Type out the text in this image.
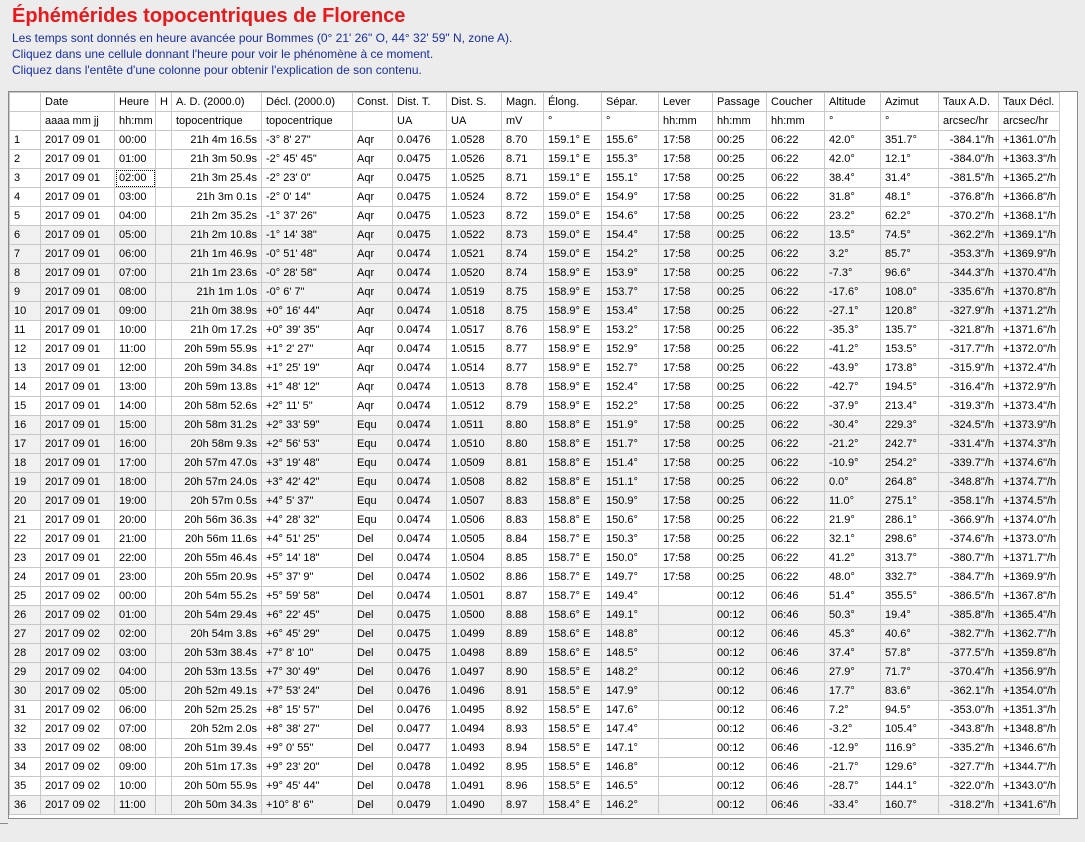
Éphémérides topocentriques de Florence
Les temps sont donnés en heure avancée pour Bommes (0° 21' 26" O, 44° 32' 59" N, zone A).
Cliquez dans une cellule donnant l'heure pour voir le phénomène à ce moment.
Cliquez dans l'entête d'une colonne pour obtenir l'explication de son contenu.
	Date	Heure	H	A. D. (2000.0)	Décl. (2000.0)	Const.	Dist. T.	Dist. S.	Magn.	Élong.	Sépar.	Lever	Passage	Coucher	Altitude	Azimut	Taux A.D.	Taux Décl.
	aaaa mm jj	hh:mm		topocentrique	topocentrique		UA	UA	mV	°	°	hh:mm	hh:mm	hh:mm	°	°	arcsec/hr	arcsec/hr
1	2017 09 01	00:00		21h 4m 16.5s	-3° 8' 27"	Aqr	0.0476	1.0528	8.70	159.1° E	155.6°	17:58	00:25	06:22	42.0°	351.7°	-384.1"/h	+1361.0"/h
2	2017 09 01	01:00		21h 3m 50.9s	-2° 45' 45"	Aqr	0.0475	1.0526	8.71	159.1° E	155.3°	17:58	00:25	06:22	42.0°	12.1°	-384.0"/h	+1363.3"/h
3	2017 09 01	02:00		21h 3m 25.4s	-2° 23' 0"	Aqr	0.0475	1.0525	8.71	159.1° E	155.1°	17:58	00:25	06:22	38.4°	31.4°	-381.5"/h	+1365.2"/h
4	2017 09 01	03:00		21h 3m 0.1s	-2° 0' 14"	Aqr	0.0475	1.0524	8.72	159.0° E	154.9°	17:58	00:25	06:22	31.8°	48.1°	-376.8"/h	+1366.8"/h
5	2017 09 01	04:00		21h 2m 35.2s	-1° 37' 26"	Aqr	0.0475	1.0523	8.72	159.0° E	154.6°	17:58	00:25	06:22	23.2°	62.2°	-370.2"/h	+1368.1"/h
6	2017 09 01	05:00		21h 2m 10.8s	-1° 14' 38"	Aqr	0.0475	1.0522	8.73	159.0° E	154.4°	17:58	00:25	06:22	13.5°	74.5°	-362.2"/h	+1369.1"/h
7	2017 09 01	06:00		21h 1m 46.9s	-0° 51' 48"	Aqr	0.0474	1.0521	8.74	159.0° E	154.2°	17:58	00:25	06:22	3.2°	85.7°	-353.3"/h	+1369.9"/h
8	2017 09 01	07:00		21h 1m 23.6s	-0° 28' 58"	Aqr	0.0474	1.0520	8.74	158.9° E	153.9°	17:58	00:25	06:22	-7.3°	96.6°	-344.3"/h	+1370.4"/h
9	2017 09 01	08:00		21h 1m 1.0s	-0° 6' 7"	Aqr	0.0474	1.0519	8.75	158.9° E	153.7°	17:58	00:25	06:22	-17.6°	108.0°	-335.6"/h	+1370.8"/h
10	2017 09 01	09:00		21h 0m 38.9s	+0° 16' 44"	Aqr	0.0474	1.0518	8.75	158.9° E	153.4°	17:58	00:25	06:22	-27.1°	120.8°	-327.9"/h	+1371.2"/h
11	2017 09 01	10:00		21h 0m 17.2s	+0° 39' 35"	Aqr	0.0474	1.0517	8.76	158.9° E	153.2°	17:58	00:25	06:22	-35.3°	135.7°	-321.8"/h	+1371.6"/h
12	2017 09 01	11:00		20h 59m 55.9s	+1° 2' 27"	Aqr	0.0474	1.0515	8.77	158.9° E	152.9°	17:58	00:25	06:22	-41.2°	153.5°	-317.7"/h	+1372.0"/h
13	2017 09 01	12:00		20h 59m 34.8s	+1° 25' 19"	Aqr	0.0474	1.0514	8.77	158.9° E	152.7°	17:58	00:25	06:22	-43.9°	173.8°	-315.9"/h	+1372.4"/h
14	2017 09 01	13:00		20h 59m 13.8s	+1° 48' 12"	Aqr	0.0474	1.0513	8.78	158.9° E	152.4°	17:58	00:25	06:22	-42.7°	194.5°	-316.4"/h	+1372.9"/h
15	2017 09 01	14:00		20h 58m 52.6s	+2° 11' 5"	Aqr	0.0474	1.0512	8.79	158.9° E	152.2°	17:58	00:25	06:22	-37.9°	213.4°	-319.3"/h	+1373.4"/h
16	2017 09 01	15:00		20h 58m 31.2s	+2° 33' 59"	Equ	0.0474	1.0511	8.80	158.8° E	151.9°	17:58	00:25	06:22	-30.4°	229.3°	-324.5"/h	+1373.9"/h
17	2017 09 01	16:00		20h 58m 9.3s	+2° 56' 53"	Equ	0.0474	1.0510	8.80	158.8° E	151.7°	17:58	00:25	06:22	-21.2°	242.7°	-331.4"/h	+1374.3"/h
18	2017 09 01	17:00		20h 57m 47.0s	+3° 19' 48"	Equ	0.0474	1.0509	8.81	158.8° E	151.4°	17:58	00:25	06:22	-10.9°	254.2°	-339.7"/h	+1374.6"/h
19	2017 09 01	18:00		20h 57m 24.0s	+3° 42' 42"	Equ	0.0474	1.0508	8.82	158.8° E	151.1°	17:58	00:25	06:22	0.0°	264.8°	-348.8"/h	+1374.7"/h
20	2017 09 01	19:00		20h 57m 0.5s	+4° 5' 37"	Equ	0.0474	1.0507	8.83	158.8° E	150.9°	17:58	00:25	06:22	11.0°	275.1°	-358.1"/h	+1374.5"/h
21	2017 09 01	20:00		20h 56m 36.3s	+4° 28' 32"	Equ	0.0474	1.0506	8.83	158.8° E	150.6°	17:58	00:25	06:22	21.9°	286.1°	-366.9"/h	+1374.0"/h
22	2017 09 01	21:00		20h 56m 11.6s	+4° 51' 25"	Del	0.0474	1.0505	8.84	158.7° E	150.3°	17:58	00:25	06:22	32.1°	298.6°	-374.6"/h	+1373.0"/h
23	2017 09 01	22:00		20h 55m 46.4s	+5° 14' 18"	Del	0.0474	1.0504	8.85	158.7° E	150.0°	17:58	00:25	06:22	41.2°	313.7°	-380.7"/h	+1371.7"/h
24	2017 09 01	23:00		20h 55m 20.9s	+5° 37' 9"	Del	0.0474	1.0502	8.86	158.7° E	149.7°	17:58	00:25	06:22	48.0°	332.7°	-384.7"/h	+1369.9"/h
25	2017 09 02	00:00		20h 54m 55.2s	+5° 59' 58"	Del	0.0474	1.0501	8.87	158.7° E	149.4°		00:12	06:46	51.4°	355.5°	-386.5"/h	+1367.8"/h
26	2017 09 02	01:00		20h 54m 29.4s	+6° 22' 45"	Del	0.0475	1.0500	8.88	158.6° E	149.1°		00:12	06:46	50.3°	19.4°	-385.8"/h	+1365.4"/h
27	2017 09 02	02:00		20h 54m 3.8s	+6° 45' 29"	Del	0.0475	1.0499	8.89	158.6° E	148.8°		00:12	06:46	45.3°	40.6°	-382.7"/h	+1362.7"/h
28	2017 09 02	03:00		20h 53m 38.4s	+7° 8' 10"	Del	0.0475	1.0498	8.89	158.6° E	148.5°		00:12	06:46	37.4°	57.8°	-377.5"/h	+1359.8"/h
29	2017 09 02	04:00		20h 53m 13.5s	+7° 30' 49"	Del	0.0476	1.0497	8.90	158.5° E	148.2°		00:12	06:46	27.9°	71.7°	-370.4"/h	+1356.9"/h
30	2017 09 02	05:00		20h 52m 49.1s	+7° 53' 24"	Del	0.0476	1.0496	8.91	158.5° E	147.9°		00:12	06:46	17.7°	83.6°	-362.1"/h	+1354.0"/h
31	2017 09 02	06:00		20h 52m 25.2s	+8° 15' 57"	Del	0.0476	1.0495	8.92	158.5° E	147.6°		00:12	06:46	7.2°	94.5°	-353.0"/h	+1351.3"/h
32	2017 09 02	07:00		20h 52m 2.0s	+8° 38' 27"	Del	0.0477	1.0494	8.93	158.5° E	147.4°		00:12	06:46	-3.2°	105.4°	-343.8"/h	+1348.8"/h
33	2017 09 02	08:00		20h 51m 39.4s	+9° 0' 55"	Del	0.0477	1.0493	8.94	158.5° E	147.1°		00:12	06:46	-12.9°	116.9°	-335.2"/h	+1346.6"/h
34	2017 09 02	09:00		20h 51m 17.3s	+9° 23' 20"	Del	0.0478	1.0492	8.95	158.5° E	146.8°		00:12	06:46	-21.7°	129.6°	-327.7"/h	+1344.7"/h
35	2017 09 02	10:00		20h 50m 55.9s	+9° 45' 44"	Del	0.0478	1.0491	8.96	158.5° E	146.5°		00:12	06:46	-28.7°	144.1°	-322.0"/h	+1343.0"/h
36	2017 09 02	11:00		20h 50m 34.3s	+10° 8' 6"	Del	0.0479	1.0490	8.97	158.4° E	146.2°		00:12	06:46	-33.4°	160.7°	-318.2"/h	+1341.6"/h
